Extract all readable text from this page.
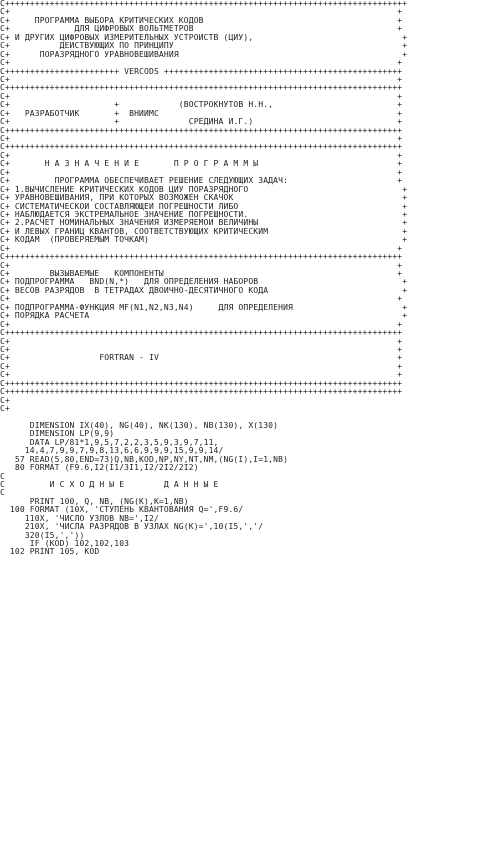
C+++++++++++++++++++++++++++++++++++++++++++++++++++++++++++++++++++++++++++++++++
C+                                                                              +
C+     ПРОГРАММА ВЫБОРА КРИТИЧЕСКИХ КОДОВ                                       +
C+             ДЛЯ ЦИФРОВЫХ ВОЛЬТМЕТРОВ                                         +
C+ И ДРУГИХ ЦИФРОВЫХ ИЗМЕРИТЕЛЬНЫХ УСТРОЙСТВ (ЦИУ),                              +
C+          ДЕЙСТВУЮЩИХ ПО ПРИНЦИПУ                                              +
C+      ПОРАЗРЯДНОГО УРАВНОВЕШИВАНИЯ                                             +
C+                                                                              +
C+++++++++++++++++++++++ VERCODS ++++++++++++++++++++++++++++++++++++++++++++++++
C+                                                                              +
C++++++++++++++++++++++++++++++++++++++++++++++++++++++++++++++++++++++++++++++++
C+                                                                              +
C+                     +            (ВОСТРОКНУТОВ Н.Н.,                         +
C+   РАЗРАБОТЧИК       +  ВНИИМС                                                +
C+                     +              СРЕДИНА И.Г.)                             +
C++++++++++++++++++++++++++++++++++++++++++++++++++++++++++++++++++++++++++++++++
C+                                                                              +
C++++++++++++++++++++++++++++++++++++++++++++++++++++++++++++++++++++++++++++++++
C+                                                                              +
C+       Н А З Н А Ч Е Н И Е       П Р О Г Р А М М Ы                            +
C+                                                                              +
C+         ПРОГРАММА ОБЕСПЕЧИВАЕТ РЕШЕНИЕ СЛЕДУЮЩИХ ЗАДАЧ:                      +
C+ 1.ВЫЧИСЛЕНИЕ КРИТИЧЕСКИХ КОДОВ ЦИУ ПОРАЗРЯДНОГО                               +
C+ УРАВНОВЕШИВАНИЯ, ПРИ КОТОРЫХ ВОЗМОЖЕН СКАЧОК                                  +
C+ СИСТЕМАТИЧЕСКОЙ СОСТАВЛЯЮЩЕЙ ПОГРЕШНОСТИ ЛИБО                                 +
C+ НАБЛЮДАЕТСЯ ЭКСТРЕМАЛЬНОЕ ЗНАЧЕНИЕ ПОГРЕШНОСТИ.                               +
C+ 2.РАСЧЕТ НОМИНАЛЬНЫХ ЗНАЧЕНИЯ ИЗМЕРЯЕМОЙ ВЕЛИЧИНЫ                             +
C+ И ЛЕВЫХ ГРАНИЦ КВАНТОВ, СООТВЕТСТВУЮЩИХ КРИТИЧЕСКИМ                           +
C+ КОДАМ  (ПРОВЕРЯЕМЫМ ТОЧКАМ)                                                   +
C+                                                                              +
C++++++++++++++++++++++++++++++++++++++++++++++++++++++++++++++++++++++++++++++++
C+                                                                              +
C+        ВЫЗЫВАЕМЫЕ   КОМПОНЕНТЫ                                               +
C+ ПОДПРОГРАММА   BND(N,*)   ДЛЯ ОПРЕДЕЛЕНИЯ НАБОРОВ                             +
C+ ВЕСОВ РАЗРЯДОВ  В ТЕТРАДАХ ДВОИЧНО-ДЕСЯТИЧНОГО КОДА                           +
C+                                                                              +
C+ ПОДПРОГРАММА-ФУНКЦИЯ MF(N1,N2,N3,N4)     ДЛЯ ОПРЕДЕЛЕНИЯ                      +
C+ ПОРЯДКА РАСЧЕТА                                                               +
C+                                                                              +
C++++++++++++++++++++++++++++++++++++++++++++++++++++++++++++++++++++++++++++++++
C+                                                                              +
C+                                                                              +
C+                  FORTRAN - IV                                                +
C+                                                                              +
C+                                                                              +
C++++++++++++++++++++++++++++++++++++++++++++++++++++++++++++++++++++++++++++++++
C++++++++++++++++++++++++++++++++++++++++++++++++++++++++++++++++++++++++++++++++
C+
C+
DIMENSION IX(40), NG(40), NK(130), NB(130), X(130)
DIMENSION LP(9,9)
DATA LP/81*1,9,5,7,2,2,3,5,9,3,9,7,11,
14,4,7,9,9,7,9,8,13,6,6,9,9,9,15,9,9,14/
57 READ(5,80,END=73)Q,NB,KOD,NP,NY,NT,NM,(NG(I),I=1,NB)
80 FORMAT (F9.6,I2(I1/3I1,I2/2I2/2I2)
C
C         И С Х О Д Н Ы Е        Д А Н Н Ы Е
C
PRINT 100, Q, NB, (NG(K),K=1,NB)
100 FORMAT (10X, 'СТУПЕНЬ КВАНТОВАНИЯ Q=',F9.6/
110X, 'ЧИСЛО УЗЛОВ NB=',I2/
210X, 'ЧИСЛА РАЗРЯДОВ В УЗЛАХ NG(K)=',10(I5,','/
320(I5,','))
IF (KOD) 102,102,103
102 PRINT 105, KOD
